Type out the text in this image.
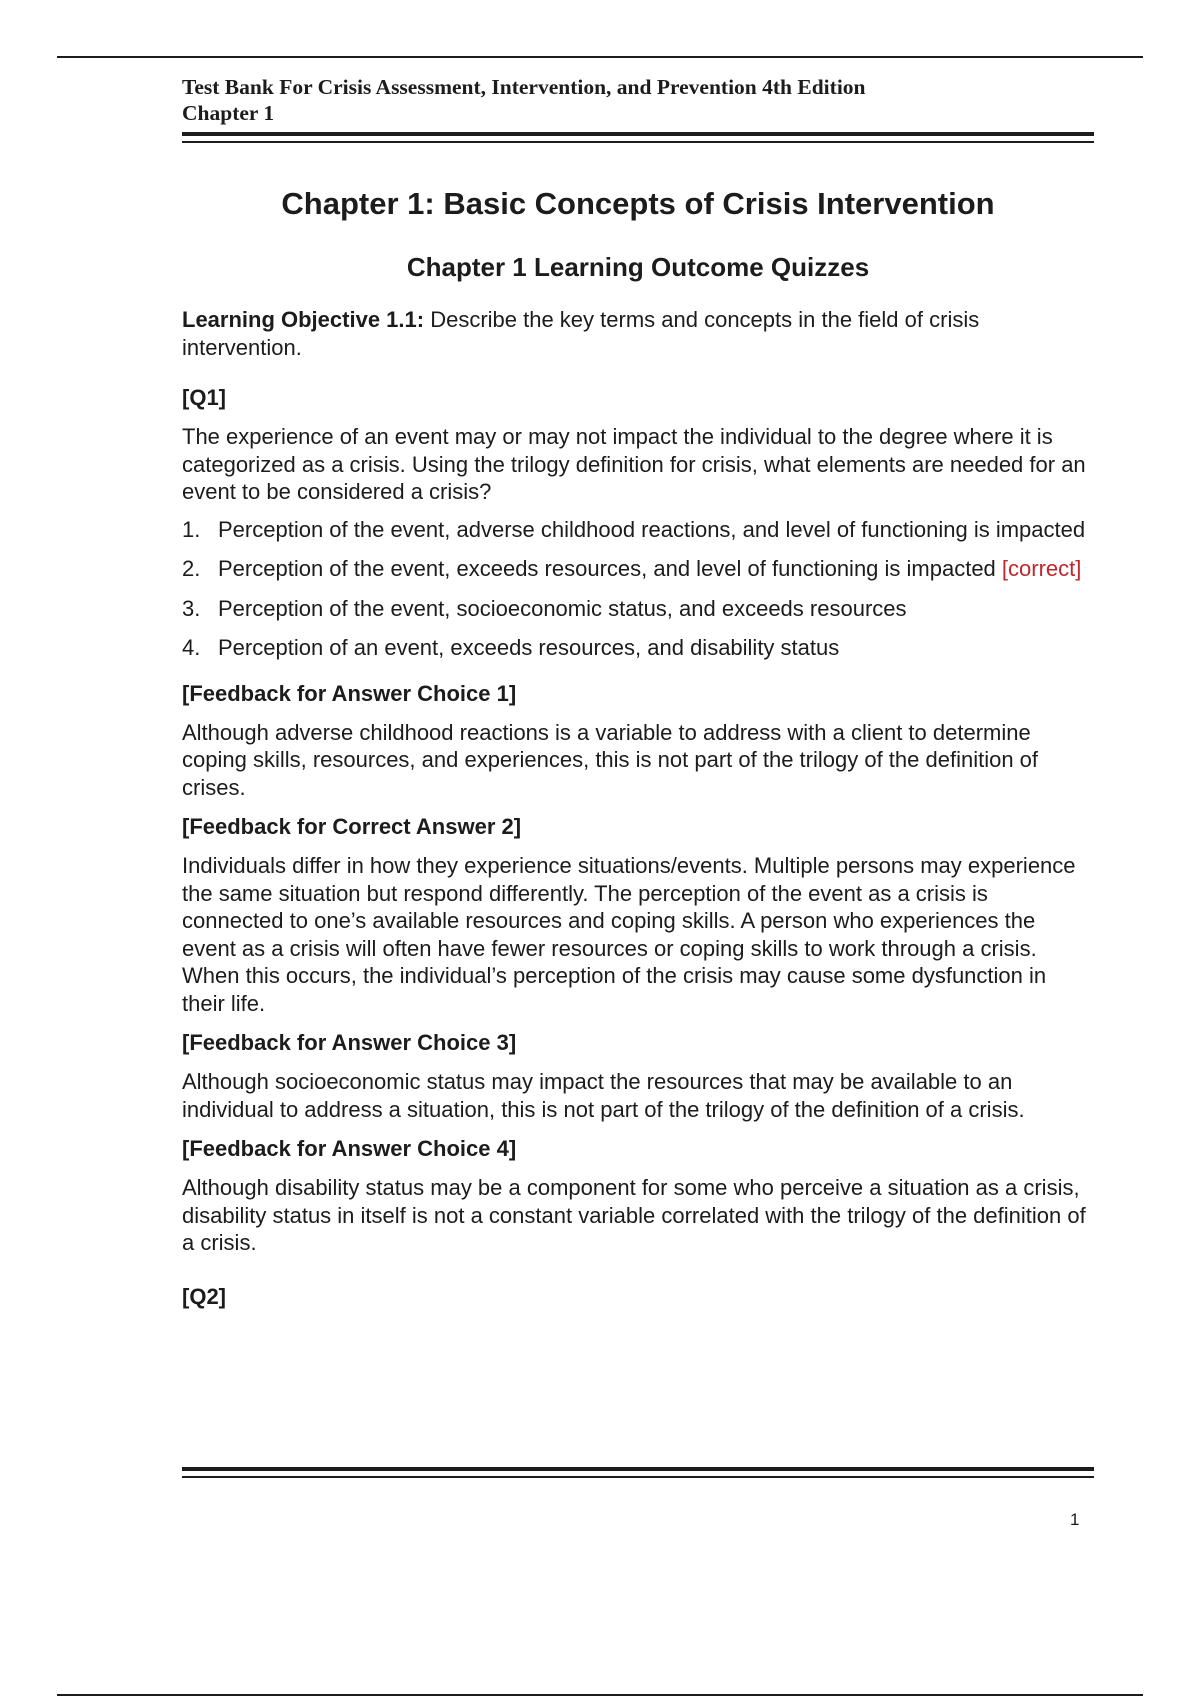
Test Bank For Crisis Assessment, Intervention, and Prevention 4th Edition
Chapter 1
Chapter 1: Basic Concepts of Crisis Intervention
Chapter 1 Learning Outcome Quizzes

Learning Objective 1.1: Describe the key terms and concepts in the field of crisis intervention.

[Q1]

The experience of an event may or may not impact the individual to the degree where it is categorized as a crisis. Using the trilogy definition for crisis, what elements are needed for an event to be considered a crisis?

1. Perception of the event, adverse childhood reactions, and level of functioning is impacted
2. Perception of the event, exceeds resources, and level of functioning is impacted [correct]
3. Perception of the event, socioeconomic status, and exceeds resources
4. Perception of an event, exceeds resources, and disability status
[Feedback for Answer Choice 1]

Although adverse childhood reactions is a variable to address with a client to determine coping skills, resources, and experiences, this is not part of the trilogy of the definition of crises.

[Feedback for Correct Answer 2]

Individuals differ in how they experience situations/events. Multiple persons may experience the same situation but respond differently. The perception of the event as a crisis is connected to one’s available resources and coping skills. A person who experiences the event as a crisis will often have fewer resources or coping skills to work through a crisis. When this occurs, the individual’s perception of the crisis may cause some dysfunction in their life.

[Feedback for Answer Choice 3]

Although socioeconomic status may impact the resources that may be available to an individual to address a situation, this is not part of the trilogy of the definition of a crisis.

[Feedback for Answer Choice 4]

Although disability status may be a component for some who perceive a situation as a crisis, disability status in itself is not a constant variable correlated with the trilogy of the definition of a crisis.

[Q2]
1
